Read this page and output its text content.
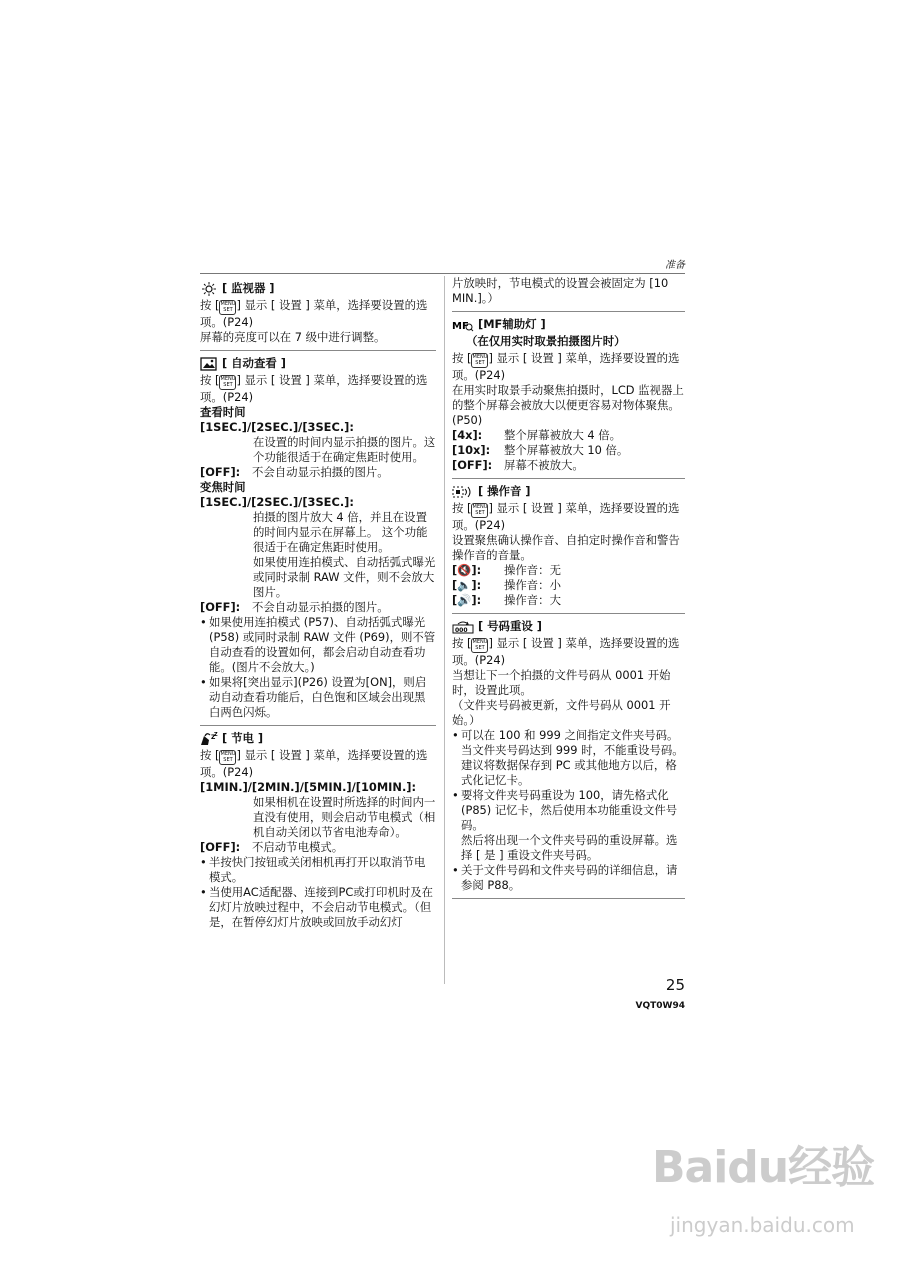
准备
[ 监视器 ]

按 [MENU
SET ] 显示 [ 设置 ] 菜单，选择要设置的选项。(P24)

屏幕的亮度可以在 7 级中进行调整。

[ 自动查看 ]

按 [MENU
SET ] 显示 [ 设置 ] 菜单，选择要设置的选项。(P24)

查看时间

[1SEC.]/[2SEC.]/[3SEC.]:

在设置的时间内显示拍摄的图片。这个功能很适于在确定焦距时使用。

[OFF]:	不会自动显示拍摄的图片。

变焦时间

[1SEC.]/[2SEC.]/[3SEC.]:

拍摄的图片放大 4 倍，并且在设置的时间内显示在屏幕上。 这个功能很适于在确定焦距时使用。

如果使用连拍模式、自动括弧式曝光或同时录制 RAW 文件，则不会放大图片。

[OFF]:	不会自动显示拍摄的图片。

• 如果使用连拍模式 (P57)、自动括弧式曝光 (P58) 或同时录制 RAW 文件 (P69)，则不管自动查看的设置如何，都会启动自动查看功能。(图片不会放大。)

• 如果将[突出显示](P26) 设置为[ON]，则启动自动查看功能后，白色饱和区域会出现黑白两色闪烁。

Z
Z [ 节电 ]

按 [MENU
SET ] 显示 [ 设置 ] 菜单，选择要设置的选项。(P24)

[1MIN.]/[2MIN.]/[5MIN.]/[10MIN.]:

如果相机在设置时所选择的时间内一直没有使用，则会启动节电模式（相机自动关闭以节省电池寿命）。

[OFF]:	不启动节电模式。

• 半按快门按钮或关闭相机再打开以取消节电模式。

• 当使用AC适配器、连接到PC或打印机时及在幻灯片放映过程中，不会启动节电模式。（但是，在暂停幻灯片放映或回放手动幻灯

片放映时，节电模式的设置会被固定为 [10 MIN.]。）

MF [MF辅助灯 ]

（在仅用实时取景拍摄图片时）

按 [MENU
SET ] 显示 [ 设置 ] 菜单，选择要设置的选项。(P24)

在用实时取景手动聚焦拍摄时，LCD 监视器上的整个屏幕会被放大以便更容易对物体聚焦。(P50)

[4x]:	整个屏幕被放大 4 倍。
[10x]:	整个屏幕被放大 10 倍。
[OFF]:	屏幕不被放大。
[ 操作音 ]

按 [MENU
SET ] 显示 [ 设置 ] 菜单，选择要设置的选项。(P24)

设置聚焦确认操作音、自拍定时操作音和警告操作音的音量。

[🔇]:	操作音：无
[🔈]:	操作音：小
[🔊]:	操作音：大
000 [ 号码重设 ]

按 [MENU
SET ] 显示 [ 设置 ] 菜单，选择要设置的选项。(P24)

当想让下一个拍摄的文件号码从 0001 开始时，设置此项。

（文件夹号码被更新，文件号码从 0001 开始。）

• 可以在 100 和 999 之间指定文件夹号码。当文件夹号码达到 999 时，不能重设号码。 建议将数据保存到 PC 或其他地方以后，格式化记忆卡。

• 要将文件夹号码重设为 100，请先格式化 (P85) 记忆卡，然后使用本功能重设文件号码。

然后将出现一个文件夹号码的重设屏幕。选择 [ 是 ] 重设文件夹号码。

• 关于文件号码和文件夹号码的详细信息，请参阅 P88。

25
VQT0W94
Baidu经验
jingyan.baidu.com
